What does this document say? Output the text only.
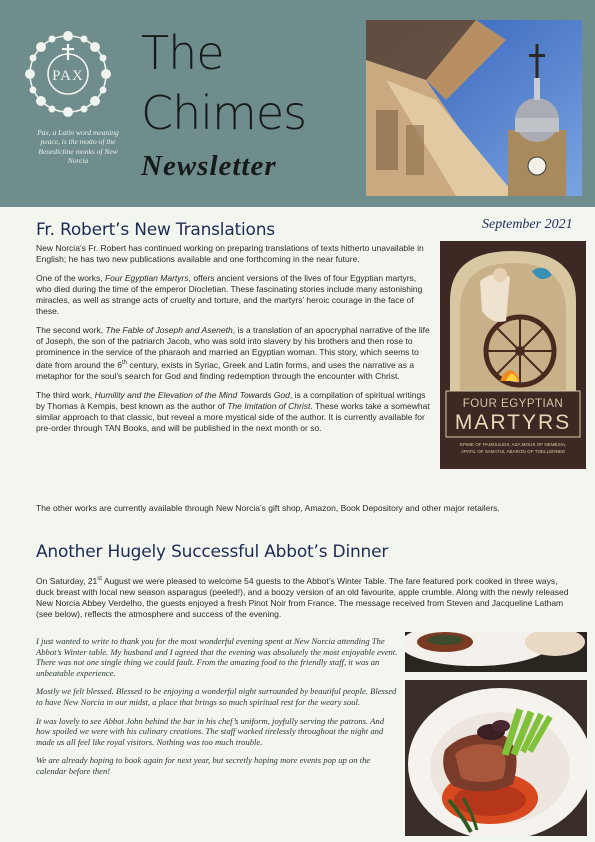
PAX
Pax, a Latin word meaning peace, is the motto of the Benedictine monks of New Norcia
The
Chimes
Newsletter
September 2021
Fr. Robert’s New Translations

New Norcia’s Fr. Robert has continued working on preparing translations of texts hitherto unavailable in English; he has two new publications available and one forthcoming in the near future.

One of the works, Four Egyptian Martyrs, offers ancient versions of the lives of four Egyptian martyrs, who died during the time of the emperor Diocletian. These fascinating stories include many astonishing miracles, as well as strange acts of cruelty and torture, and the martyrs’ heroic courage in the face of these.

The second work, The Fable of Joseph and Aseneth, is a translation of an apocryphal narrative of the life of Joseph, the son of the patriarch Jacob, who was sold into slavery by his brothers and then rose to prominence in the service of the pharaoh and married an Egyptian woman. This story, which seems to date from around the 6th century, exists in Syriac, Greek and Latin forms, and uses the narrative as a metaphor for the soul’s search for God and finding redemption through the encounter with Christ.

The third work, Humility and the Elevation of the Mind Towards God, is a compilation of spiritual writings by Thomas à Kempis, best known as the author of The Imitation of Christ. These works take a somewhat similar approach to that classic, but reveal a more mystical side of the author. It is currently available for pre-order through TAN Books, and will be published in the next month or so.

The other works are currently available through New Norcia’s gift shop, Amazon, Book Depository and other major retailers.

FOUR EGYPTIAN
MARTYRS
EPIME OF PAMOULEIS, AZA MOUS OF NEMESIA,
APATIL OF SABATUI, ABARON OF TOELLENNEE
Another Hugely Successful Abbot’s Dinner

On Saturday, 21st August we were pleased to welcome 54 guests to the Abbot’s Winter Table. The fare featured pork cooked in three ways, duck breast with local new season asparagus (peeled!), and a boozy version of an old favourite, apple crumble. Along with the newly released New Norcia Abbey Verdelho, the guests enjoyed a fresh Pinot Noir from France. The message received from Steven and Jacqueline Latham (see below), reflects the atmosphere and success of the evening.

I just wanted to write to thank you for the most wonderful evening spent at New Norcia attending The Abbot’s Winter table. My husband and I agreed that the evening was absolutely the most enjoyable event. There was not one single thing we could fault. From the amazing food to the friendly staff, it was an unbeatable experience.

Mostly we felt blessed. Blessed to be enjoying a wonderful night surrounded by beautiful people. Blessed to have New Norcia in our midst, a place that brings so much spiritual rest for the weary soul.

It was lovely to see Abbot John behind the bar in his chef’s uniform, joyfully serving the patrons. And how spoiled we were with his culinary creations. The staff worked tirelessly throughout the night and made us all feel like royal visitors. Nothing was too much trouble.

We are already hoping to book again for next year, but secretly hoping more events pop up on the calendar before then!
